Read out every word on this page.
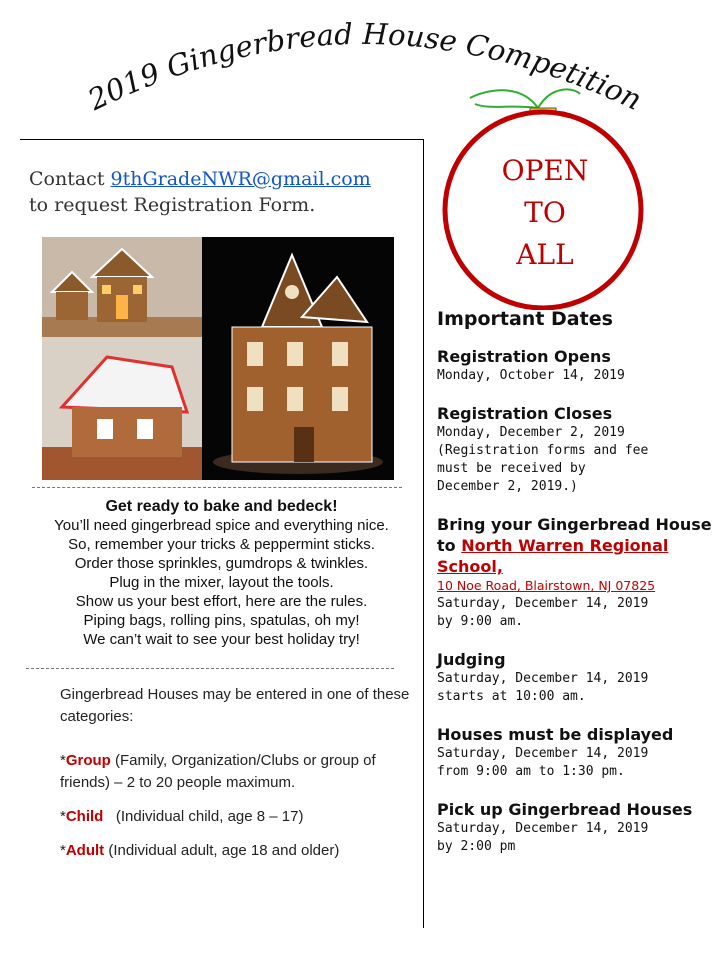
2019 Gingerbread House Competition
OPEN
TO
ALL
Contact 9thGradeNWR@gmail.com
to request Registration Form.
Get ready to bake and bedeck!
You’ll need gingerbread spice and everything nice.
So, remember your tricks & peppermint sticks.
Order those sprinkles, gumdrops & twinkles.
Plug in the mixer, layout the tools.
Show us your best effort, here are the rules.
Piping bags, rolling pins, spatulas, oh my!
We can’t wait to see your best holiday try!

Gingerbread Houses may be entered in one of these categories:

*Group (Family, Organization/Clubs or group of friends) – 2 to 20 people maximum.

*Child   (Individual child, age 8 – 17)

*Adult (Individual adult, age 18 and older)

Important Dates
Registration Opens
Monday, October 14, 2019
Registration Closes
Monday, December 2, 2019
(Registration forms and fee
must be received by
December 2, 2019.)
Bring your Gingerbread House to North Warren Regional School,
10 Noe Road, Blairstown, NJ 07825
Saturday, December 14, 2019
by 9:00 am.
Judging
Saturday, December 14, 2019
starts at 10:00 am.
Houses must be displayed
Saturday, December 14, 2019
from 9:00 am to 1:30 pm.
Pick up Gingerbread Houses
Saturday, December 14, 2019
by 2:00 pm
